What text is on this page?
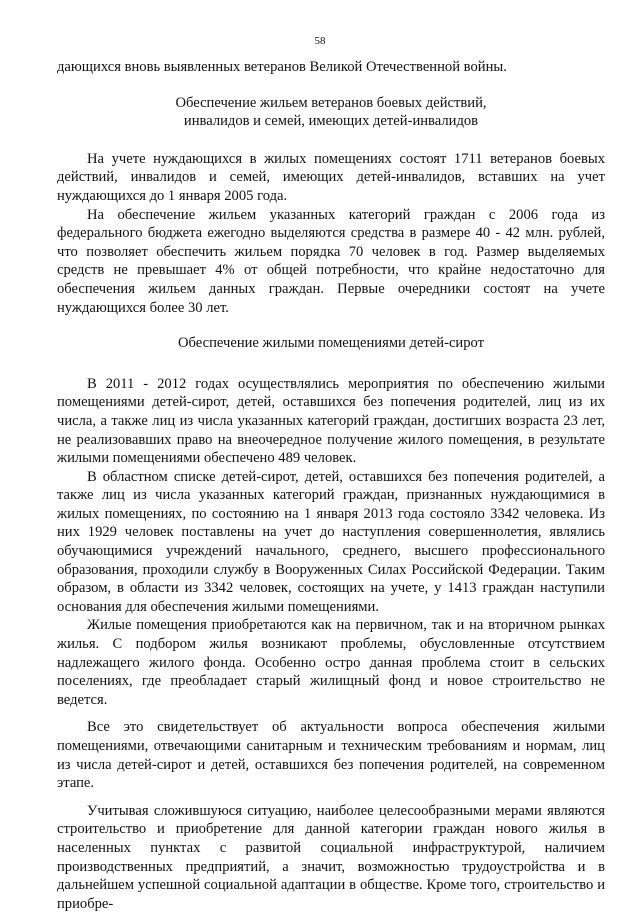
58

дающихся вновь выявленных ветеранов Великой Отечественной войны.

Обеспечение жильем ветеранов боевых действий,

инвалидов и семей, имеющих детей-инвалидов

На учете нуждающихся в жилых помещениях состоят 1711 ветеранов боевых действий, инвалидов и семей, имеющих детей-инвалидов, вставших на учет нуждающихся до 1 января 2005 года.

На обеспечение жильем указанных категорий граждан с 2006 года из федерального бюджета ежегодно выделяются средства в размере 40 - 42 млн. рублей, что позволяет обеспечить жильем порядка 70 человек в год. Размер выделяемых средств не превышает 4% от общей потребности, что крайне недостаточно для обеспечения жильем данных граждан. Первые очередники состоят на учете нуждающихся более 30 лет.

Обеспечение жилыми помещениями детей-сирот

В 2011 - 2012 годах осуществлялись мероприятия по обеспечению жилыми помещениями детей-сирот, детей, оставшихся без попечения родителей, лиц из их числа, а также лиц из числа указанных категорий граждан, достигших возраста 23 лет, не реализовавших право на внеочередное получение жилого помещения, в результате жилыми помещениями обеспечено 489 человек.

В областном списке детей-сирот, детей, оставшихся без попечения родителей, а также лиц из числа указанных категорий граждан, признанных нуждающимися в жилых помещениях, по состоянию на 1 января 2013 года состояло 3342 человека. Из них 1929 человек поставлены на учет до наступления совершеннолетия, являлись обучающимися учреждений начального, среднего, высшего профессионального образования, проходили службу в Вооруженных Силах Российской Федерации. Таким образом, в области из 3342 человек, состоящих на учете, у 1413 граждан наступили основания для обеспечения жилыми помещениями.

Жилые помещения приобретаются как на первичном, так и на вторичном рынках жилья. С подбором жилья возникают проблемы, обусловленные отсутствием надлежащего жилого фонда. Особенно остро данная проблема стоит в сельских поселениях, где преобладает старый жилищный фонд и новое строительство не ведется.

Все это свидетельствует об актуальности вопроса обеспечения жилыми помещениями, отвечающими санитарным и техническим требованиям и нормам, лиц из числа детей-сирот и детей, оставшихся без попечения родителей, на современном этапе.

Учитывая сложившуюся ситуацию, наиболее целесообразными мерами являются строительство и приобретение для данной категории граждан нового жилья в населенных пунктах с развитой социальной инфраструктурой, наличием производственных предприятий, а значит, возможностью трудоустройства и в дальнейшем успешной социальной адаптации в обществе. Кроме того, строительство и приобре-
